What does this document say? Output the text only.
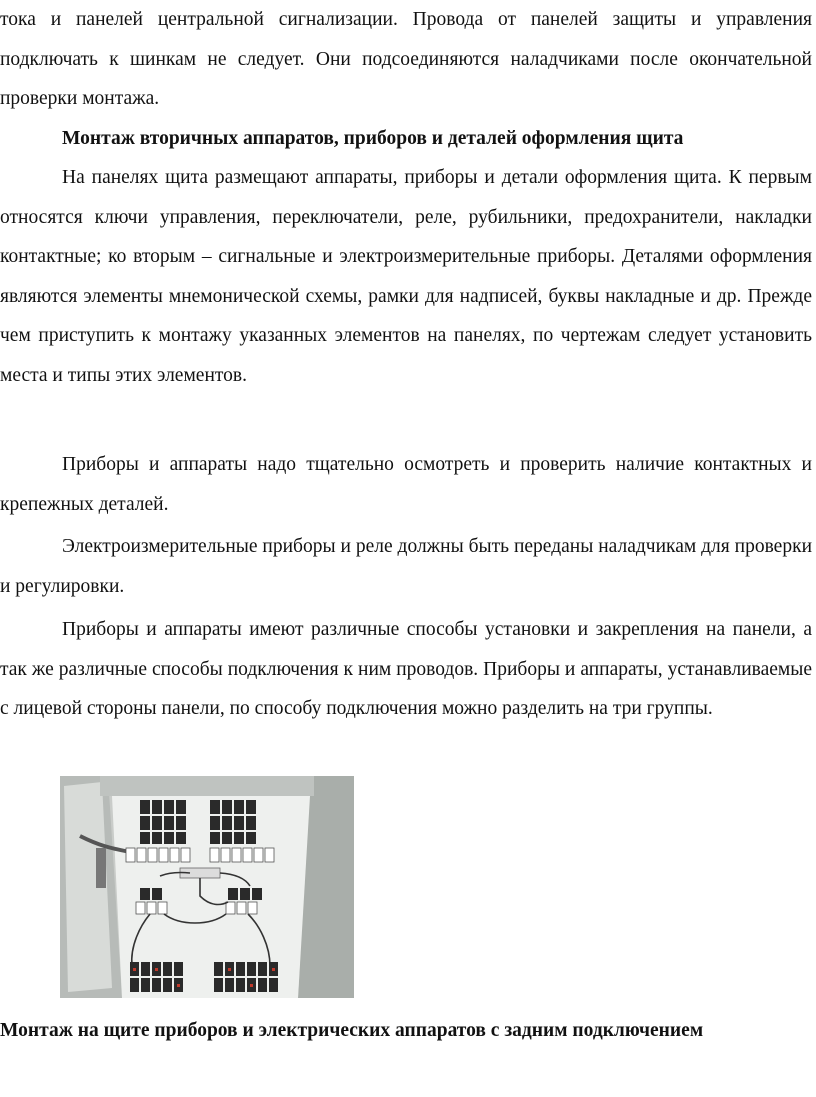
тока и панелей центральной сигнализации. Провода от панелей защиты и управления подключать к шинкам не следует. Они подсоединяются наладчиками после окончательной проверки монтажа.
Монтаж вторичных аппаратов, приборов и деталей оформления щита
На панелях щита размещают аппараты, приборы и детали оформления щита. К первым относятся ключи управления, переключатели, реле, рубильники, предохранители, накладки контактные; ко вторым – сигнальные и электроизмерительные приборы. Деталями оформления являются элементы мнемонической схемы, рамки для надписей, буквы накладные и др. Прежде чем приступить к монтажу указанных элементов на панелях, по чертежам следует установить места и типы этих элементов.
Приборы и аппараты надо тщательно осмотреть и проверить наличие контактных и крепежных деталей.
Электроизмерительные приборы и реле должны быть переданы наладчикам для проверки и регулировки.
Приборы и аппараты имеют различные способы установки и закрепления на панели, а так же различные способы подключения к ним проводов. Приборы и аппараты, устанавливаемые с лицевой стороны панели, по способу подключения можно разделить на три группы.
Монтаж на щите приборов и электрических аппаратов с задним подключением
